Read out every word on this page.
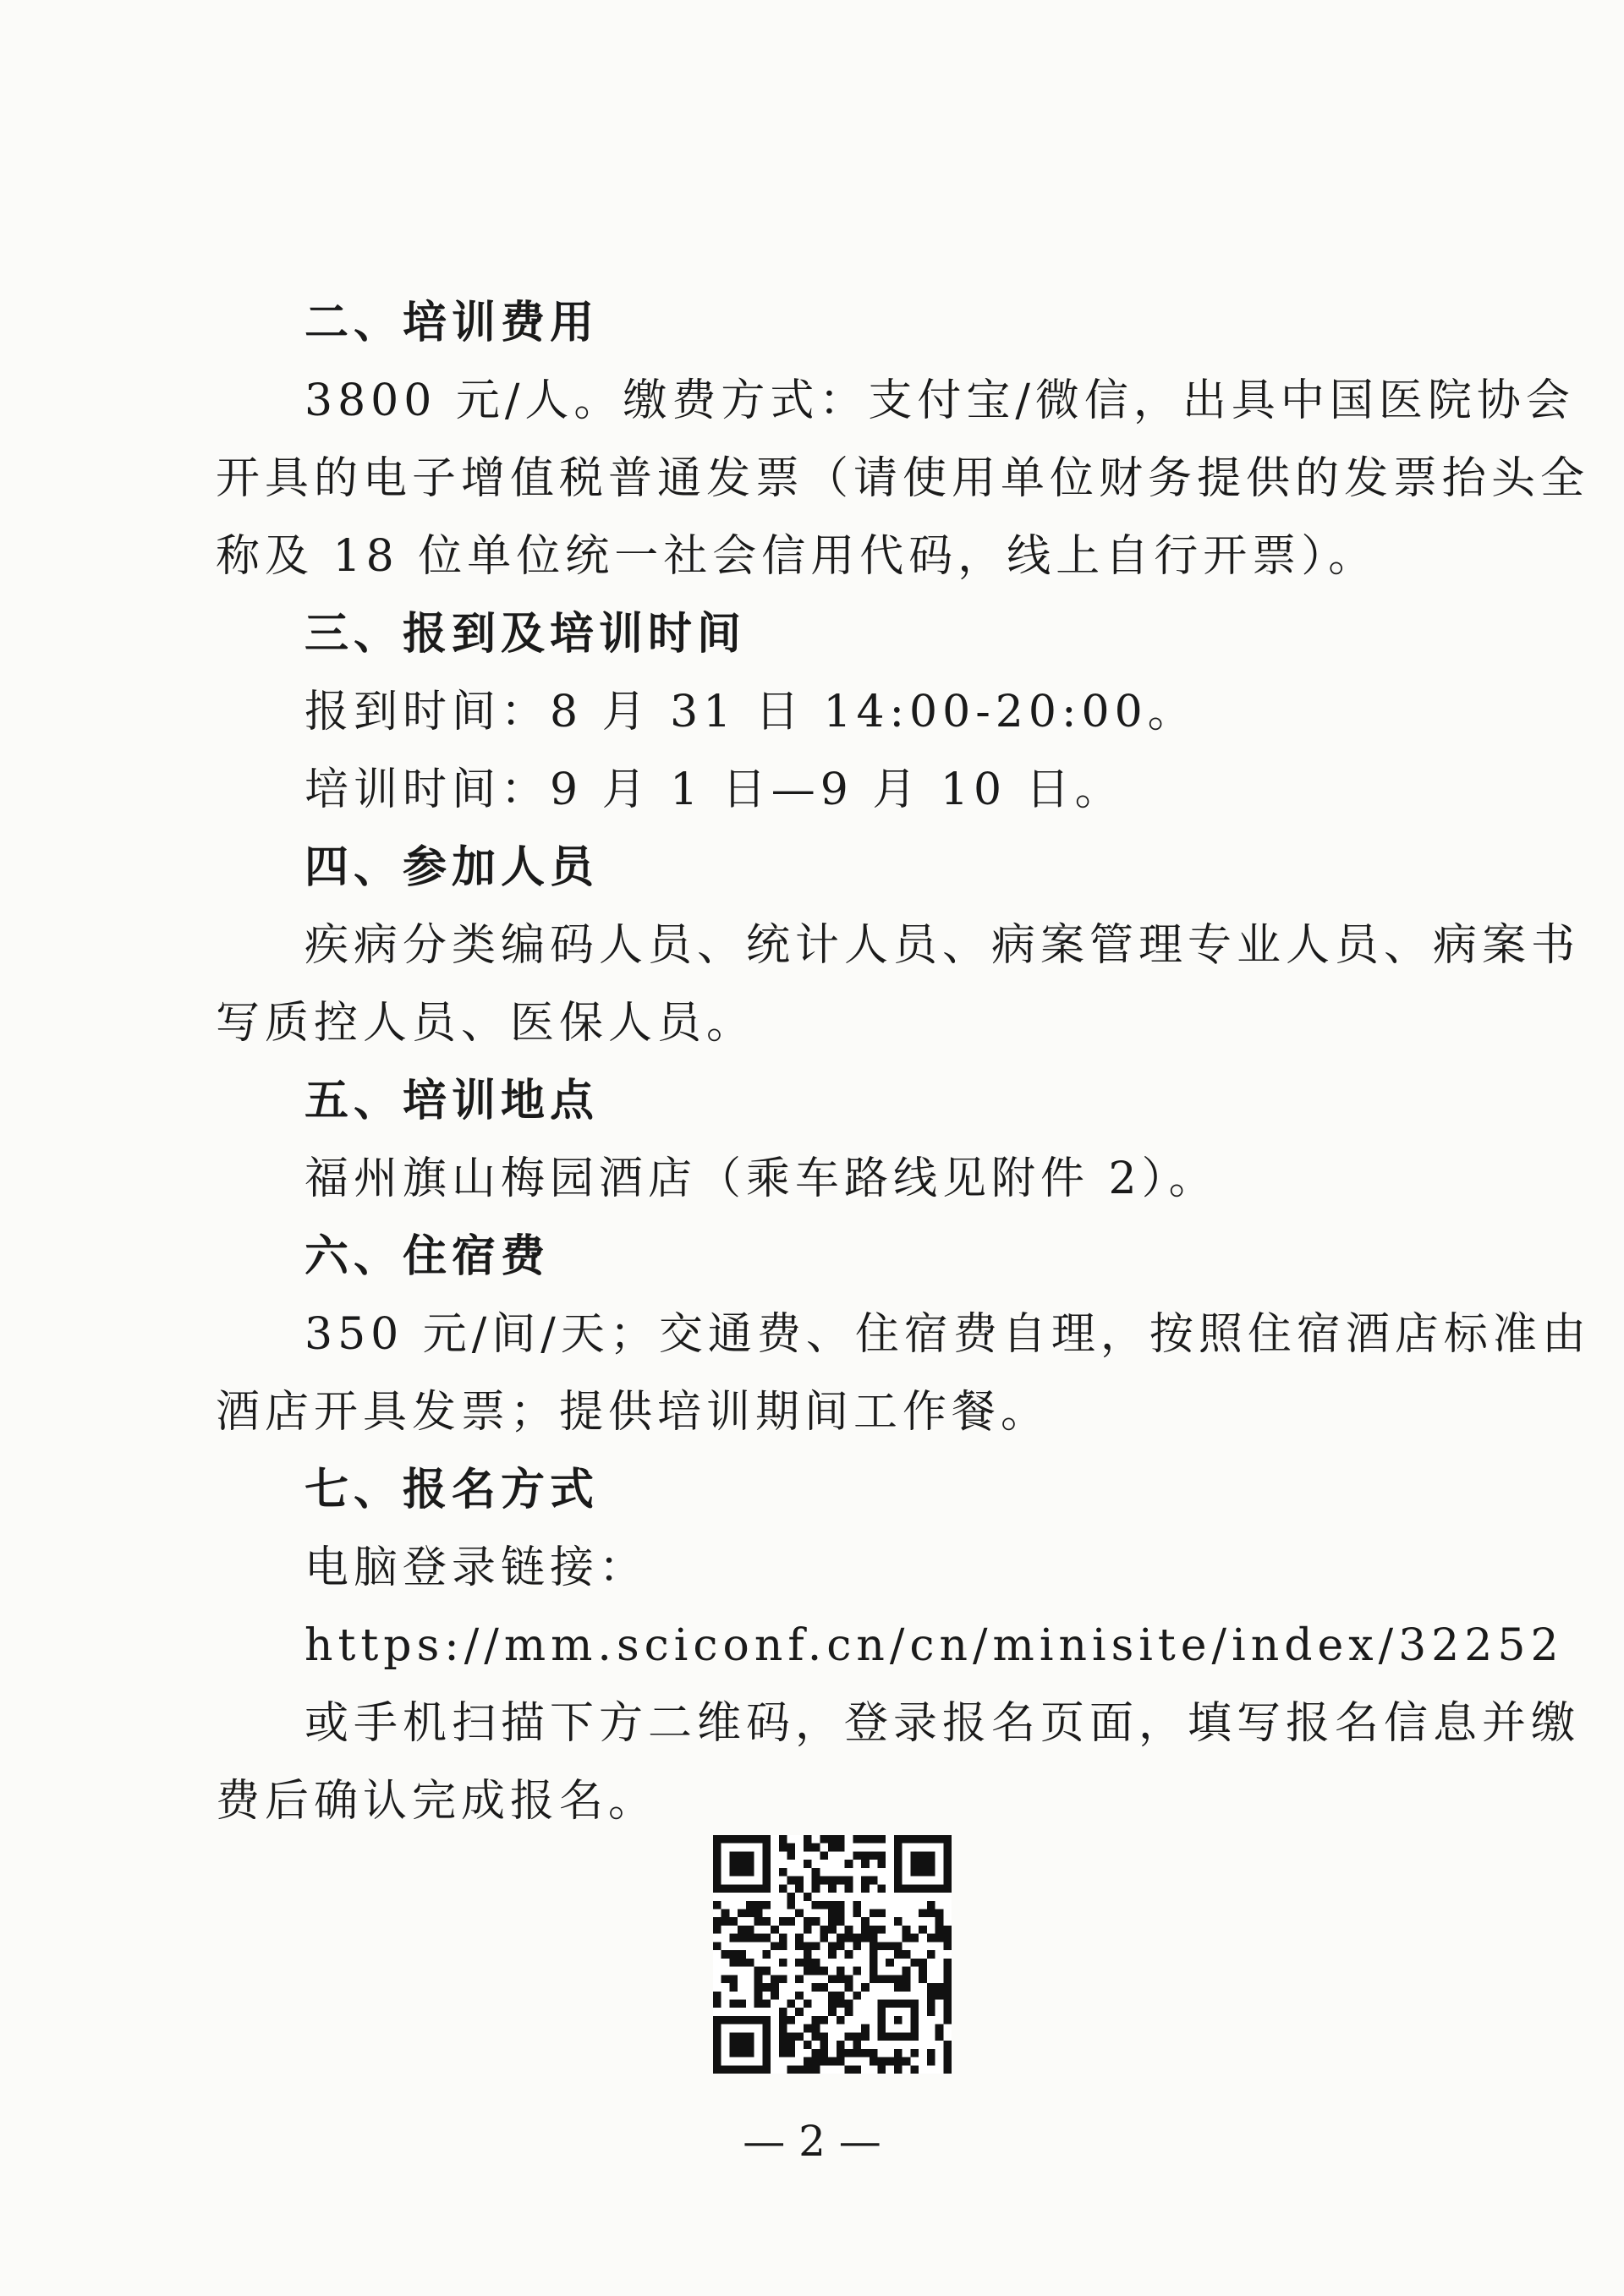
二、培训费用
3800 元/人。缴费方式：支付宝/微信，出具中国医院协会
开具的电子增值税普通发票（请使用单位财务提供的发票抬头全
称及 18 位单位统一社会信用代码，线上自行开票）。
三、报到及培训时间
报到时间：8 月 31 日 14:00-20:00。
培训时间：9 月 1 日—9 月 10 日。
四、参加人员
疾病分类编码人员、统计人员、病案管理专业人员、病案书
写质控人员、医保人员。
五、培训地点
福州旗山梅园酒店（乘车路线见附件 2）。
六、住宿费
350 元/间/天；交通费、住宿费自理，按照住宿酒店标准由
酒店开具发票；提供培训期间工作餐。
七、报名方式
电脑登录链接：
https://mm.sciconf.cn/cn/minisite/index/32252
或手机扫描下方二维码，登录报名页面，填写报名信息并缴
费后确认完成报名。
— 2 —
